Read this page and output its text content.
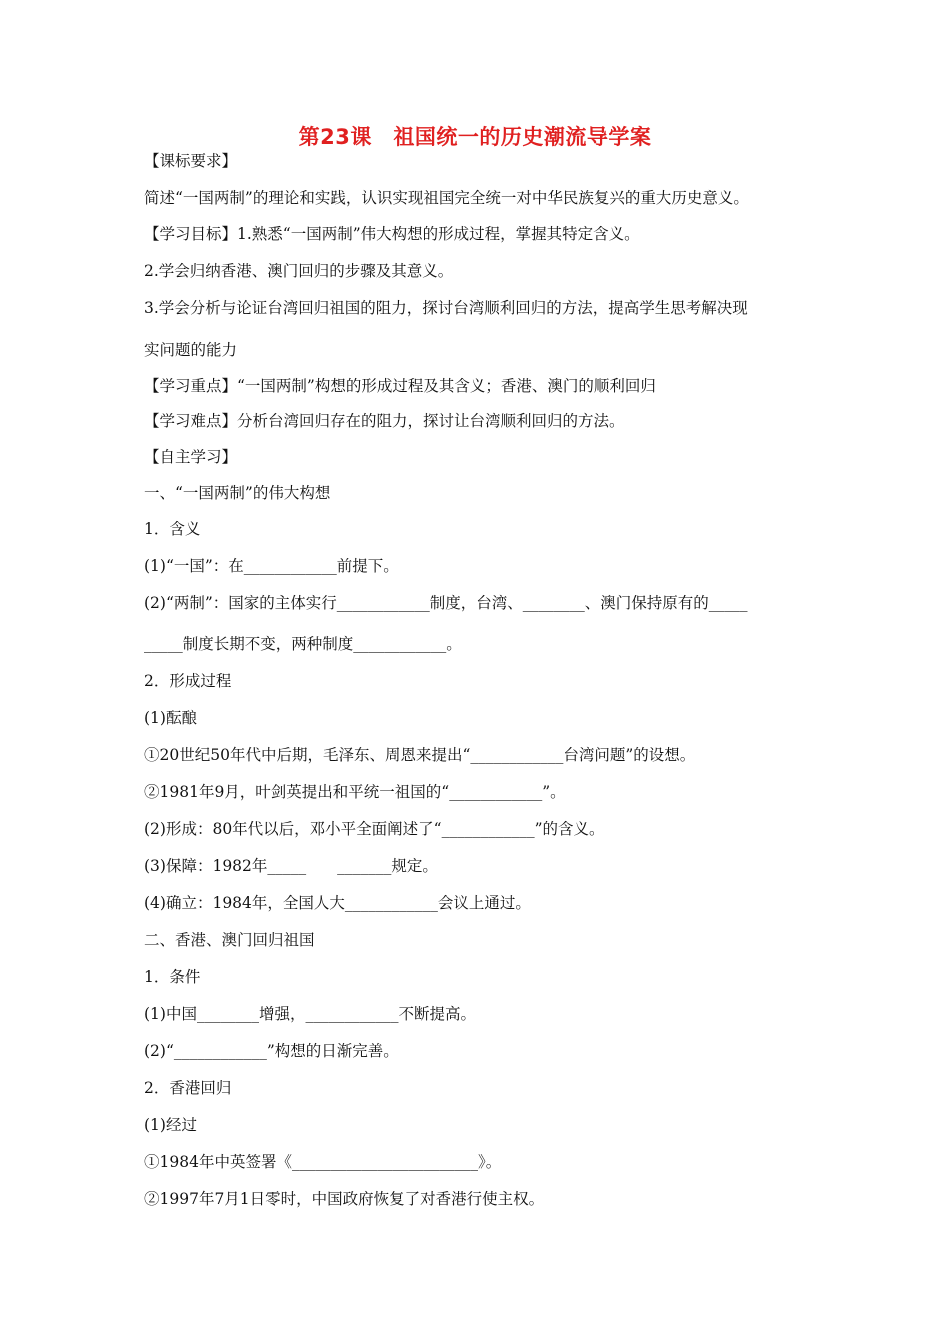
第23课　祖国统一的历史潮流导学案
【课标要求】
简述“一国两制”的理论和实践，认识实现祖国完全统一对中华民族复兴的重大历史意义。
【学习目标】1.熟悉“一国两制”伟大构想的形成过程，掌握其特定含义。
2.学会归纳香港、澳门回归的步骤及其意义。
3.学会分析与论证台湾回归祖国的阻力，探讨台湾顺利回归的方法，提高学生思考解决现
实问题的能力
【学习重点】“一国两制”构想的形成过程及其含义；香港、澳门的顺利回归
【学习难点】分析台湾回归存在的阻力，探讨让台湾顺利回归的方法。
【自主学习】
一、“一国两制”的伟大构想
1．含义
(1)“一国”：在____________前提下。
(2)“两制”：国家的主体实行____________制度，台湾、________、澳门保持原有的_____
_____制度长期不变，两种制度____________。
2．形成过程
(1)酝酿
①20世纪50年代中后期，毛泽东、周恩来提出“____________台湾问题”的设想。
②1981年9月，叶剑英提出和平统一祖国的“____________”。
(2)形成：80年代以后，邓小平全面阐述了“____________”的含义。
(3)保障：1982年_____　　_______规定。
(4)确立：1984年，全国人大____________会议上通过。
二、香港、澳门回归祖国
1．条件
(1)中国________增强，____________不断提高。
(2)“____________”构想的日渐完善。
2．香港回归
(1)经过
①1984年中英签署《________________________》。
②1997年7月1日零时，中国政府恢复了对香港行使主权。
